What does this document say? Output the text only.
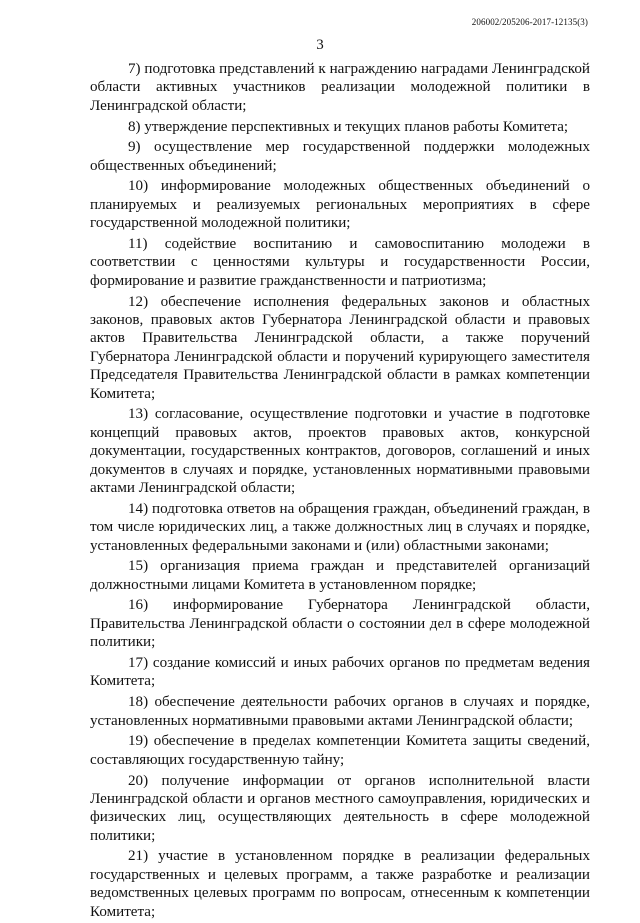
206002/205206-2017-12135(3)
3

7) подготовка представлений к награждению наградами Ленинградской области активных участников реализации молодежной политики в Ленинградской области;

8) утверждение перспективных и текущих планов работы Комитета;

9) осуществление мер государственной поддержки молодежных общественных объединений;

10) информирование молодежных общественных объединений о планируемых и реализуемых региональных мероприятиях в сфере государственной молодежной политики;

11) содействие воспитанию и самовоспитанию молодежи в соответствии с ценностями культуры и государственности России, формирование и развитие гражданственности и патриотизма;

12) обеспечение исполнения федеральных законов и областных законов, правовых актов Губернатора Ленинградской области и правовых актов Правительства Ленинградской области, а также поручений Губернатора Ленинградской области и поручений курирующего заместителя Председателя Правительства Ленинградской области в рамках компетенции Комитета;

13) согласование, осуществление подготовки и участие в подготовке концепций правовых актов, проектов правовых актов, конкурсной документации, государственных контрактов, договоров, соглашений и иных документов в случаях и порядке, установленных нормативными правовыми актами Ленинградской области;

14) подготовка ответов на обращения граждан, объединений граждан, в том числе юридических лиц, а также должностных лиц в случаях и порядке, установленных федеральными законами и (или) областными законами;

15) организация приема граждан и представителей организаций должностными лицами Комитета в установленном порядке;

16) информирование Губернатора Ленинградской области, Правительства Ленинградской области о состоянии дел в сфере молодежной политики;

17) создание комиссий и иных рабочих органов по предметам ведения Комитета;

18) обеспечение деятельности рабочих органов в случаях и порядке, установленных нормативными правовыми актами Ленинградской области;

19) обеспечение в пределах компетенции Комитета защиты сведений, составляющих государственную тайну;

20) получение информации от органов исполнительной власти Ленинградской области и органов местного самоуправления, юридических и физических лиц, осуществляющих деятельность в сфере молодежной политики;

21) участие в установленном порядке в реализации федеральных государственных и целевых программ, а также разработке и реализации ведомственных целевых программ по вопросам, отнесенным к компетенции Комитета;
